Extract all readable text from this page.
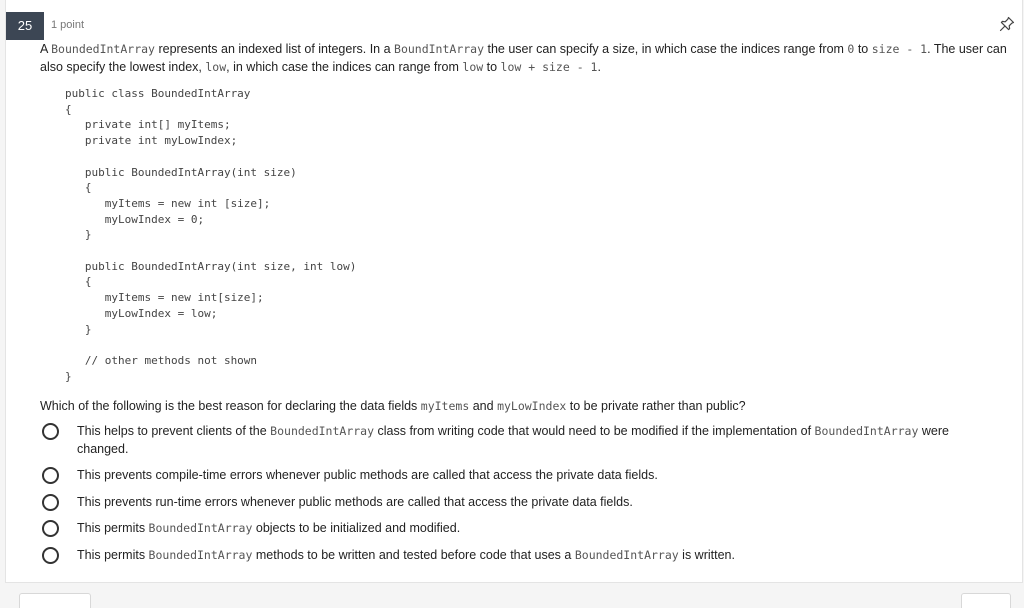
25	1 point
A BoundedIntArray represents an indexed list of integers. In a BoundIntArray the user can specify a size, in which case the indices range from 0 to size - 1. The user can also specify the lowest index, low, in which case the indices can range from low to low + size - 1.
public class BoundedIntArray
{
private int[] myItems;
private int myLowIndex;

public BoundedIntArray(int size)
{
myItems = new int [size];
myLowIndex = 0;
}

public BoundedIntArray(int size, int low)
{
myItems = new int[size];
myLowIndex = low;
}

// other methods not shown
}
Which of the following is the best reason for declaring the data fields myItems and myLowIndex to be private rather than public?
This helps to prevent clients of the BoundedIntArray class from writing code that would need to be modified if the implementation of BoundedIntArray were changed.
This prevents compile-time errors whenever public methods are called that access the private data fields.
This prevents run-time errors whenever public methods are called that access the private data fields.
This permits BoundedIntArray objects to be initialized and modified.
This permits BoundedIntArray methods to be written and tested before code that uses a BoundedIntArray is written.
